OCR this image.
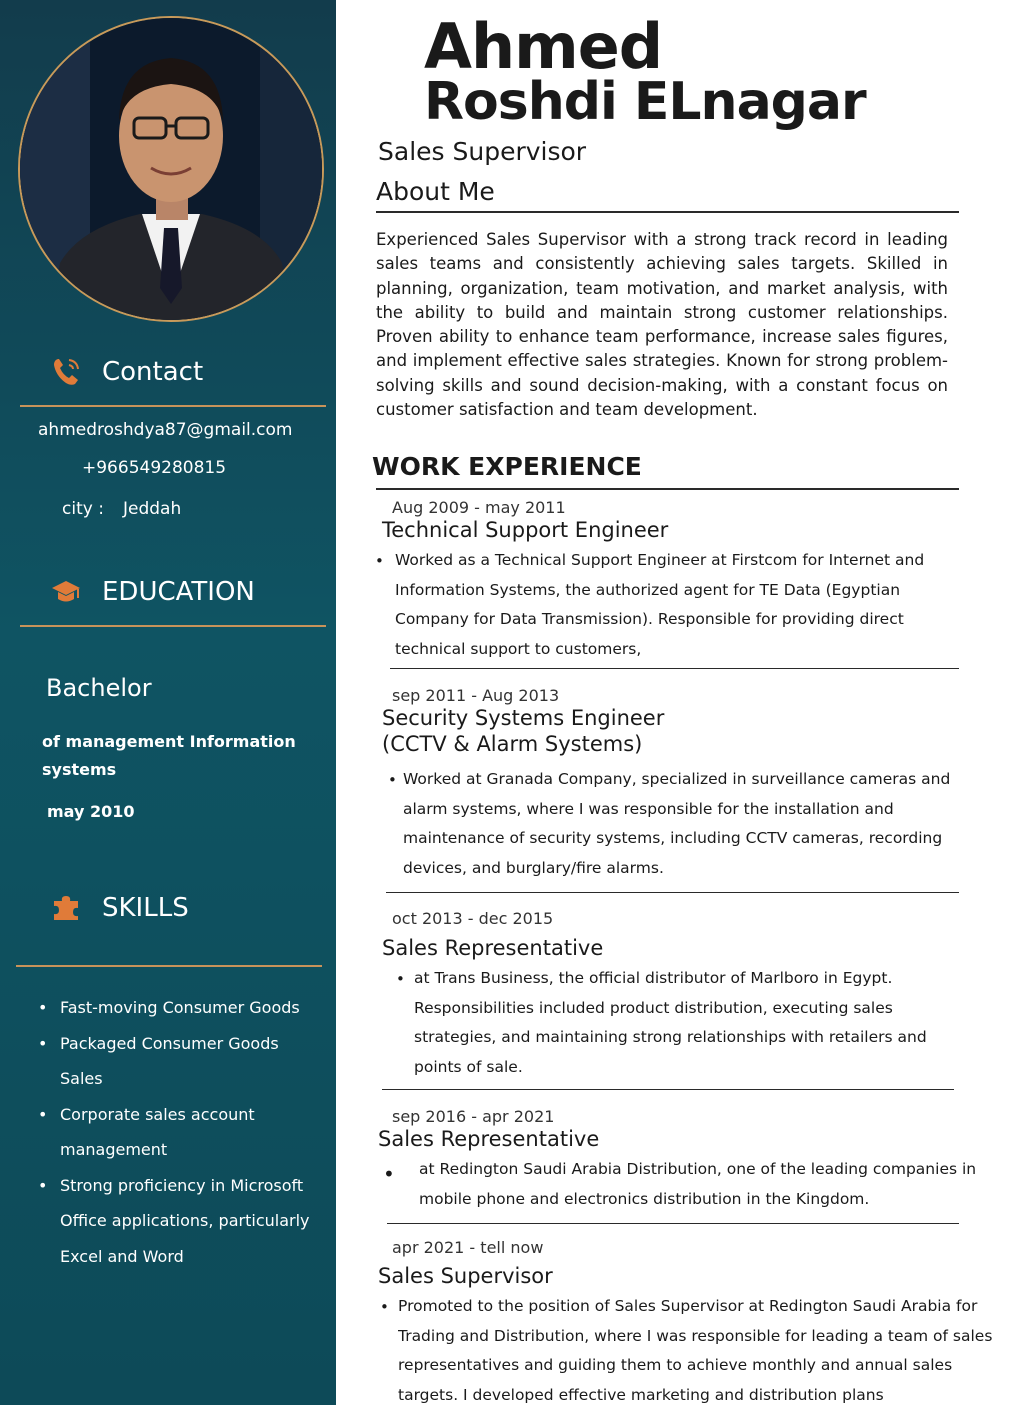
Contact
ahmedroshdya87@gmail.com
+966549280815
city : Jeddah
EDUCATION
Bachelor
of management Information
systems
may 2010
SKILLS
• Fast-moving Consumer Goods
• Packaged Consumer Goods Sales
• Corporate sales account management
• Strong proficiency in Microsoft Office applications, particularly Excel and Word
Ahmed
Roshdi ELnagar
Sales Supervisor
About Me
Experienced Sales Supervisor with a strong track record in leading sales teams and consistently achieving sales targets. Skilled in planning, organization, team motivation, and market analysis, with the ability to build and maintain strong customer relationships. Proven ability to enhance team performance, increase sales figures, and implement effective sales strategies. Known for strong problem-solving skills and sound decision-making, with a constant focus on customer satisfaction and team development.
WORK EXPERIENCE
Aug 2009 - may 2011
Technical Support Engineer
• Worked as a Technical Support Engineer at Firstcom for Internet and Information Systems, the authorized agent for TE Data (Egyptian Company for Data Transmission). Responsible for providing direct technical support to customers,
sep 2011 - Aug 2013
Security Systems Engineer
(CCTV & Alarm Systems)
• Worked at Granada Company, specialized in surveillance cameras and alarm systems, where I was responsible for the installation and maintenance of security systems, including CCTV cameras, recording devices, and burglary/fire alarms.
oct 2013 - dec 2015
Sales Representative
• at Trans Business, the official distributor of Marlboro in Egypt. Responsibilities included product distribution, executing sales strategies, and maintaining strong relationships with retailers and points of sale.
sep 2016 - apr 2021
Sales Representative
• at Redington Saudi Arabia Distribution, one of the leading companies in mobile phone and electronics distribution in the Kingdom.
apr 2021 - tell now
Sales Supervisor
• Promoted to the position of Sales Supervisor at Redington Saudi Arabia for Trading and Distribution, where I was responsible for leading a team of sales representatives and guiding them to achieve monthly and annual sales targets. I developed effective marketing and distribution plans
